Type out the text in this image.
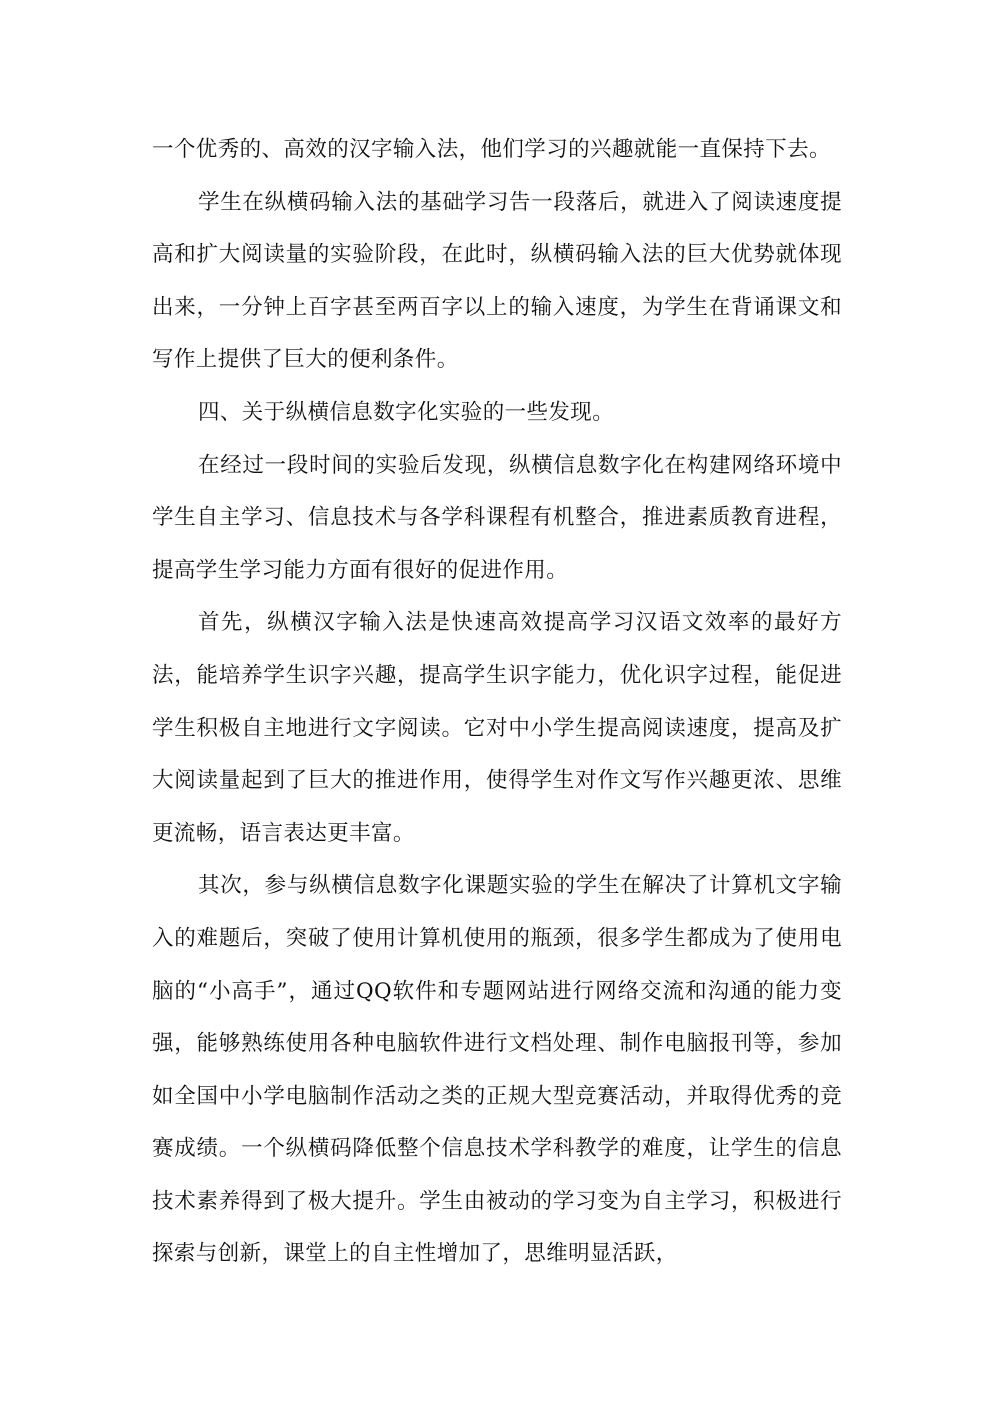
一个优秀的、高效的汉字输入法，他们学习的兴趣就能一直保持下去。

学生在纵横码输入法的基础学习告一段落后，就进入了阅读速度提高和扩大阅读量的实验阶段，在此时，纵横码输入法的巨大优势就体现出来，一分钟上百字甚至两百字以上的输入速度，为学生在背诵课文和写作上提供了巨大的便利条件。

四、关于纵横信息数字化实验的一些发现。

在经过一段时间的实验后发现，纵横信息数字化在构建网络环境中学生自主学习、信息技术与各学科课程有机整合，推进素质教育进程，提高学生学习能力方面有很好的促进作用。

首先，纵横汉字输入法是快速高效提高学习汉语文效率的最好方法，能培养学生识字兴趣，提高学生识字能力，优化识字过程，能促进学生积极自主地进行文字阅读。它对中小学生提高阅读速度，提高及扩大阅读量起到了巨大的推进作用，使得学生对作文写作兴趣更浓、思维更流畅，语言表达更丰富。

其次，参与纵横信息数字化课题实验的学生在解决了计算机文字输入的难题后，突破了使用计算机使用的瓶颈，很多学生都成为了使用电脑的“小高手”，通过QQ软件和专题网站进行网络交流和沟通的能力变强，能够熟练使用各种电脑软件进行文档处理、制作电脑报刊等，参加如全国中小学电脑制作活动之类的正规大型竞赛活动，并取得优秀的竞赛成绩。一个纵横码降低整个信息技术学科教学的难度，让学生的信息技术素养得到了极大提升。学生由被动的学习变为自主学习，积极进行探索与创新，课堂上的自主性增加了，思维明显活跃，
